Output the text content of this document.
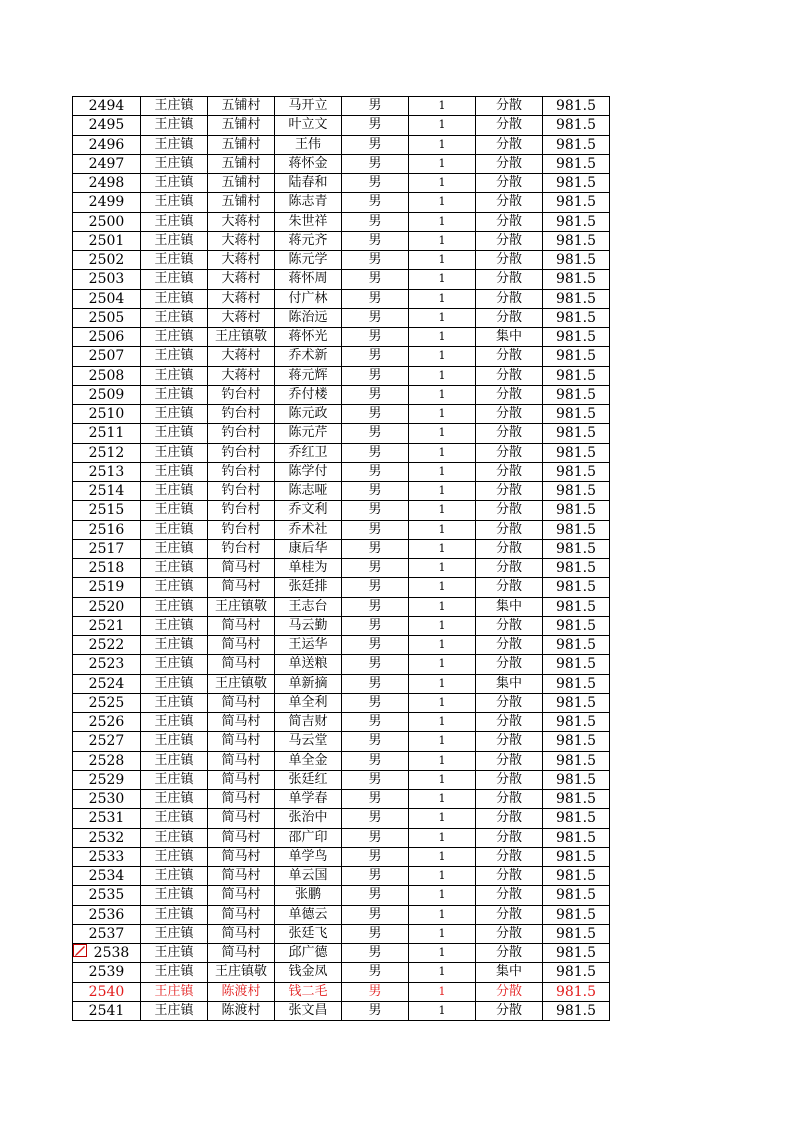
2494	王庄镇	五铺村	马开立	男	1	分散	981.5
2495	王庄镇	五铺村	叶立文	男	1	分散	981.5
2496	王庄镇	五铺村	王伟	男	1	分散	981.5
2497	王庄镇	五铺村	蒋怀金	男	1	分散	981.5
2498	王庄镇	五铺村	陆春和	男	1	分散	981.5
2499	王庄镇	五铺村	陈志青	男	1	分散	981.5
2500	王庄镇	大蒋村	朱世祥	男	1	分散	981.5
2501	王庄镇	大蒋村	蒋元齐	男	1	分散	981.5
2502	王庄镇	大蒋村	陈元学	男	1	分散	981.5
2503	王庄镇	大蒋村	蒋怀周	男	1	分散	981.5
2504	王庄镇	大蒋村	付广林	男	1	分散	981.5
2505	王庄镇	大蒋村	陈治远	男	1	分散	981.5
2506	王庄镇	王庄镇敬	蒋怀光	男	1	集中	981.5
2507	王庄镇	大蒋村	乔术新	男	1	分散	981.5
2508	王庄镇	大蒋村	蒋元辉	男	1	分散	981.5
2509	王庄镇	钓台村	乔付楼	男	1	分散	981.5
2510	王庄镇	钓台村	陈元政	男	1	分散	981.5
2511	王庄镇	钓台村	陈元芹	男	1	分散	981.5
2512	王庄镇	钓台村	乔红卫	男	1	分散	981.5
2513	王庄镇	钓台村	陈学付	男	1	分散	981.5
2514	王庄镇	钓台村	陈志哑	男	1	分散	981.5
2515	王庄镇	钓台村	乔文利	男	1	分散	981.5
2516	王庄镇	钓台村	乔术社	男	1	分散	981.5
2517	王庄镇	钓台村	康后华	男	1	分散	981.5
2518	王庄镇	简马村	单桂为	男	1	分散	981.5
2519	王庄镇	简马村	张廷排	男	1	分散	981.5
2520	王庄镇	王庄镇敬	王志台	男	1	集中	981.5
2521	王庄镇	简马村	马云勤	男	1	分散	981.5
2522	王庄镇	简马村	王运华	男	1	分散	981.5
2523	王庄镇	简马村	单送粮	男	1	分散	981.5
2524	王庄镇	王庄镇敬	单新摘	男	1	集中	981.5
2525	王庄镇	简马村	单全利	男	1	分散	981.5
2526	王庄镇	简马村	简吉财	男	1	分散	981.5
2527	王庄镇	简马村	马云堂	男	1	分散	981.5
2528	王庄镇	简马村	单全金	男	1	分散	981.5
2529	王庄镇	简马村	张廷红	男	1	分散	981.5
2530	王庄镇	简马村	单学春	男	1	分散	981.5
2531	王庄镇	简马村	张治中	男	1	分散	981.5
2532	王庄镇	简马村	邵广印	男	1	分散	981.5
2533	王庄镇	简马村	单学鸟	男	1	分散	981.5
2534	王庄镇	简马村	单云国	男	1	分散	981.5
2535	王庄镇	简马村	张鹏	男	1	分散	981.5
2536	王庄镇	简马村	单德云	男	1	分散	981.5
2537	王庄镇	简马村	张廷飞	男	1	分散	981.5
2538	王庄镇	简马村	邱广德	男	1	分散	981.5
2539	王庄镇	王庄镇敬	钱金凤	男	1	集中	981.5
2540	王庄镇	陈渡村	钱二毛	男	1	分散	981.5
2541	王庄镇	陈渡村	张文昌	男	1	分散	981.5
